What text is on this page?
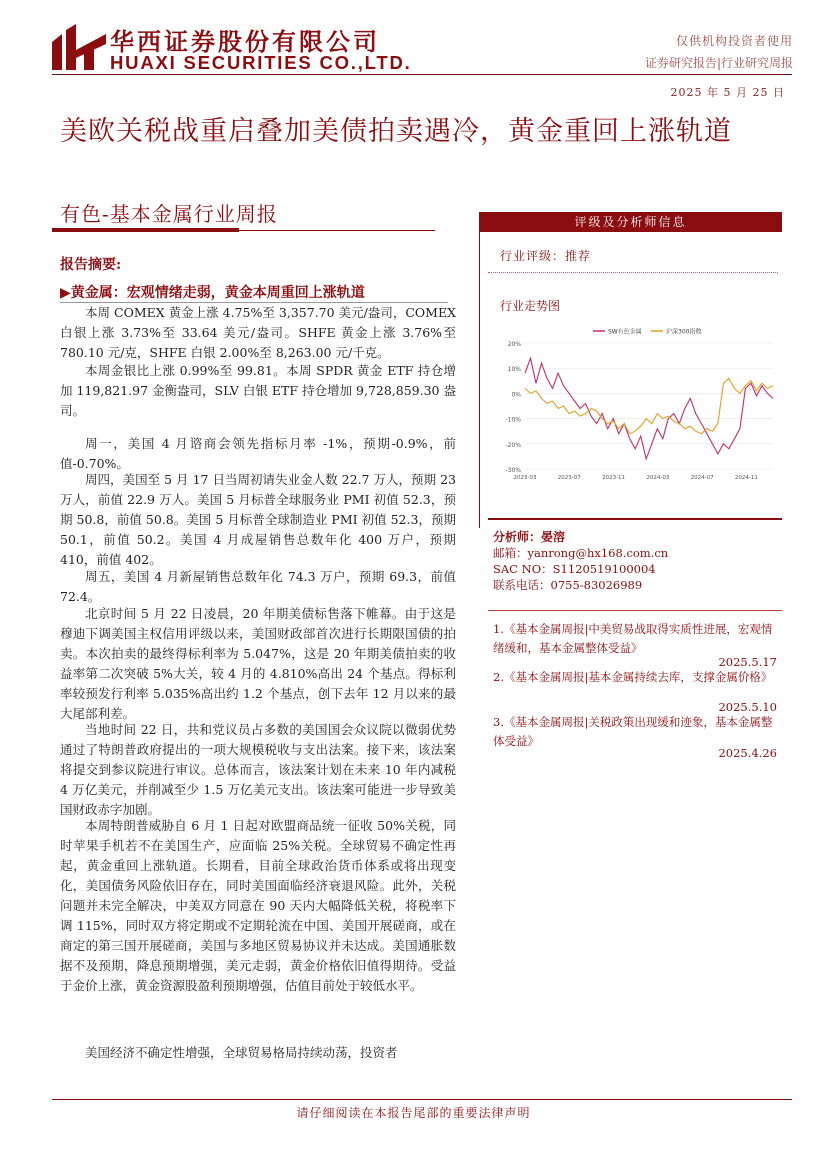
华西证券股份有限公司
HUAXI SECURITIES CO.,LTD.
仅供机构投资者使用
证券研究报告|行业研究周报
2025 年 5 月 25 日
美欧关税战重启叠加美债拍卖遇冷，黄金重回上涨轨道
有色-基本金属行业周报
报告摘要:
▶黄金属：宏观情绪走弱，黄金本周重回上涨轨道

本周 COMEX 黄金上涨 4.75%至 3,357.70 美元/盎司，COMEX 白银上涨 3.73%至 33.64 美元/盎司。SHFE 黄金上涨 3.76%至 780.10 元/克，SHFE 白银 2.00%至 8,263.00 元/千克。

本周金银比上涨 0.99%至 99.81。本周 SPDR 黄金 ETF 持仓增加 119,821.97 金衡盎司，SLV 白银 ETF 持仓增加 9,728,859.30 盎司。

周一，美国 4 月谘商会领先指标月率 -1%，预期-0.9%，前值-0.70%。

周四，美国至 5 月 17 日当周初请失业金人数 22.7 万人，预期 23 万人，前值 22.9 万人。美国 5 月标普全球服务业 PMI 初值 52.3，预期 50.8，前值 50.8。美国 5 月标普全球制造业 PMI 初值 52.3，预期 50.1，前值 50.2。美国 4 月成屋销售总数年化 400 万户，预期 410，前值 402。

周五，美国 4 月新屋销售总数年化 74.3 万户，预期 69.3，前值 72.4。

北京时间 5 月 22 日凌晨，20 年期美债标售落下帷幕。由于这是穆迪下调美国主权信用评级以来，美国财政部首次进行长期限国债的拍卖。本次拍卖的最终得标利率为 5.047%，这是 20 年期美债拍卖的收益率第二次突破 5%大关，较 4 月的 4.810%高出 24 个基点。得标利率较预发行利率 5.035%高出约 1.2 个基点，创下去年 12 月以来的最大尾部利差。

当地时间 22 日，共和党议员占多数的美国国会众议院以微弱优势通过了特朗普政府提出的一项大规模税收与支出法案。接下来，该法案将提交到参议院进行审议。总体而言，该法案计划在未来 10 年内减税 4 万亿美元，并削减至少 1.5 万亿美元支出。该法案可能进一步导致美国财政赤字加剧。

本周特朗普威胁自 6 月 1 日起对欧盟商品统一征收 50%关税，同时苹果手机若不在美国生产，应面临 25%关税。全球贸易不确定性再起，黄金重回上涨轨道。长期看，目前全球政治货币体系或将出现变化，美国债务风险依旧存在，同时美国面临经济衰退风险。此外，关税问题并未完全解决，中美双方同意在 90 天内大幅降低关税，将税率下调 115%，同时双方将定期或不定期轮流在中国、美国开展磋商，或在商定的第三国开展磋商，美国与多地区贸易协议并未达成。美国通胀数据不及预期，降息预期增强，美元走弱，黄金价格依旧值得期待。受益于金价上涨，黄金资源股盈利预期增强，估值目前处于较低水平。

美国经济不确定性增强，全球贸易格局持续动荡，投资者

评级及分析师信息
行业评级：推荐
行业走势图
20%
10%
0%
-10%
-20%
-30%
2023-03	2023-07	2023-11	2024-03	2024-07	2024-11
SW有色金属	沪深300指数
分析师：晏溶
邮箱：yanrong@hx168.com.cn
SAC NO：S1120519100004
联系电话：0755-83026989
1.《基本金属周报|中美贸易战取得实质性进展，宏观情绪缓和，基本金属整体受益》
2025.5.17
2.《基本金属周报|基本金属持续去库，支撑金属价格》
2025.5.10
3.《基本金属周报|关税政策出现缓和迹象，基本金属整体受益》
2025.4.26
请仔细阅读在本报告尾部的重要法律声明
